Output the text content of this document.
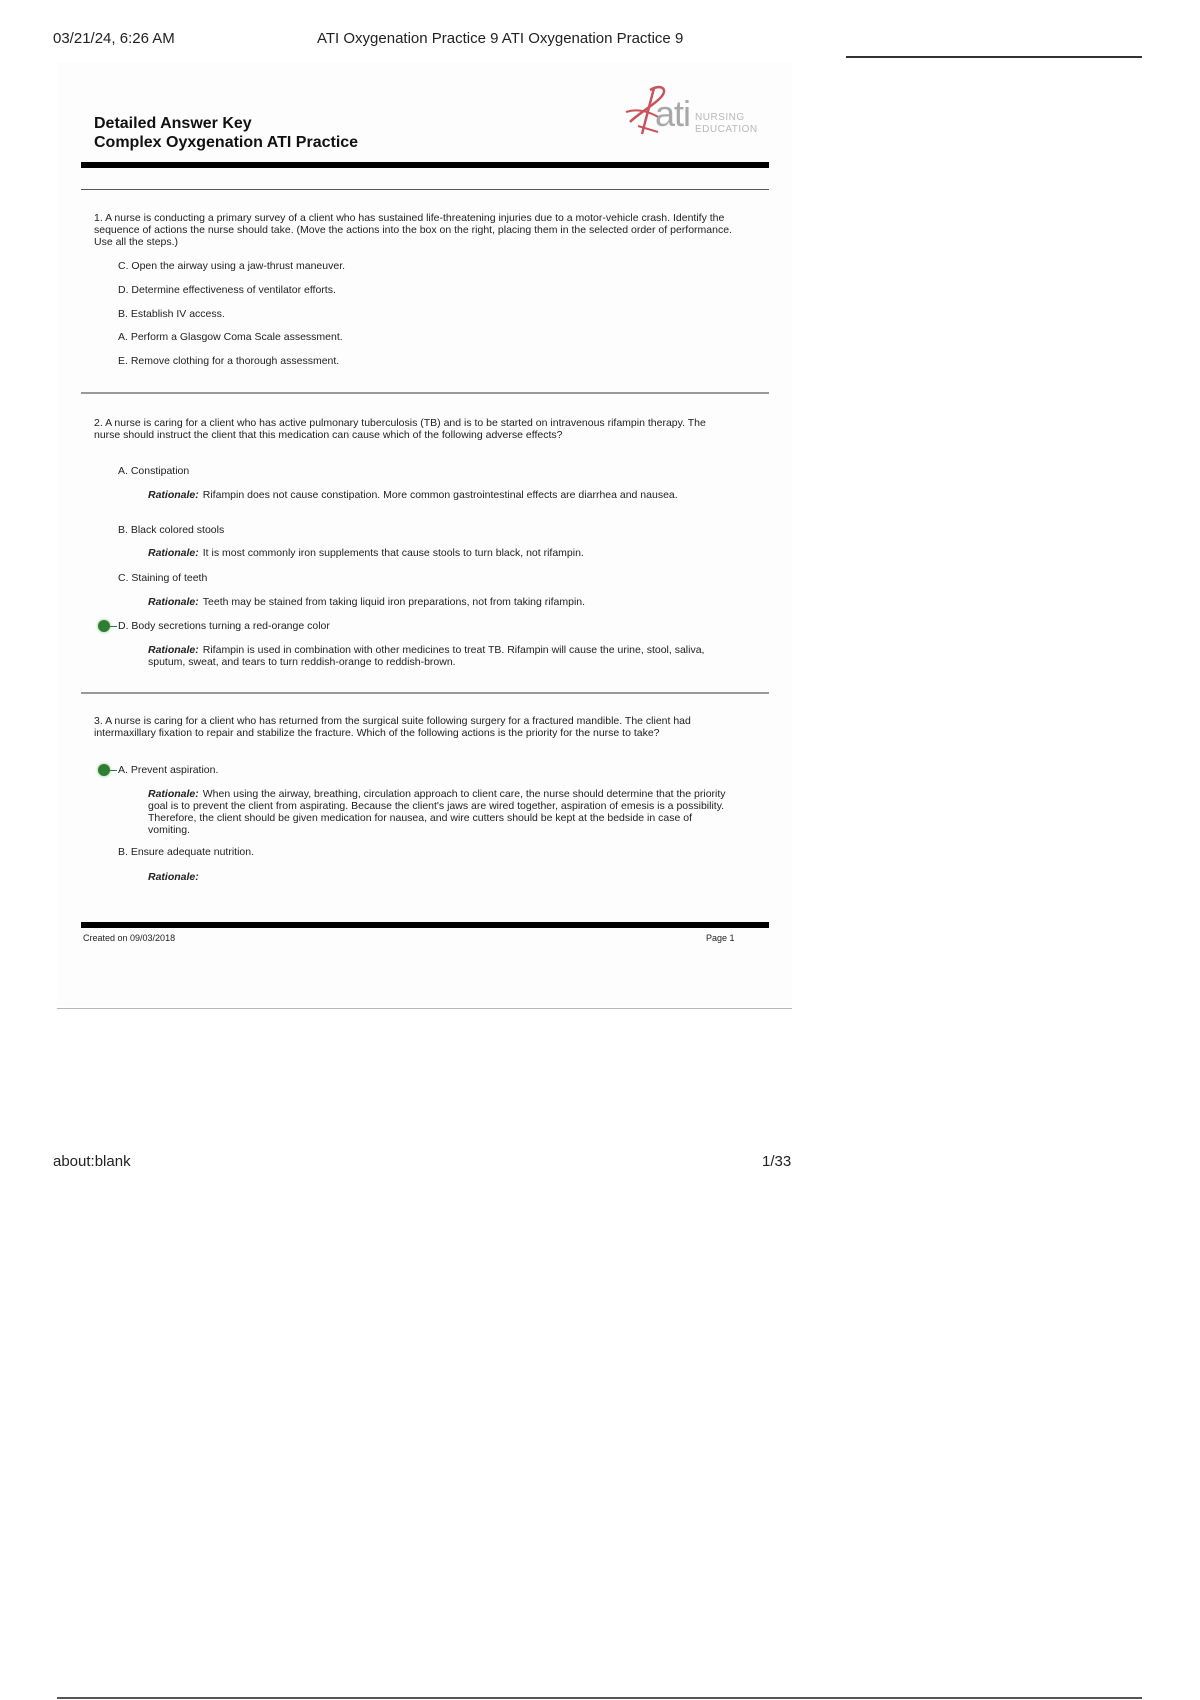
03/21/24, 6:26 AM	ATI Oxygenation Practice 9 ATI Oxygenation Practice 9
Detailed Answer Key
Complex Oyxgenation ATI Practice
ati NURSING
EDUCATION
1. A nurse is conducting a primary survey of a client who has sustained life-threatening injuries due to a motor-vehicle crash. Identify the sequence of actions the nurse should take. (Move the actions into the box on the right, placing them in the selected order of performance. Use all the steps.)
C. Open the airway using a jaw-thrust maneuver.
D. Determine effectiveness of ventilator efforts.
B. Establish IV access.
A. Perform a Glasgow Coma Scale assessment.
E. Remove clothing for a thorough assessment.
2. A nurse is caring for a client who has active pulmonary tuberculosis (TB) and is to be started on intravenous rifampin therapy. The nurse should instruct the client that this medication can cause which of the following adverse effects?
A. Constipation
Rationale: Rifampin does not cause constipation. More common gastrointestinal effects are diarrhea and nausea.
B. Black colored stools
Rationale: It is most commonly iron supplements that cause stools to turn black, not rifampin.
C. Staining of teeth
Rationale: Teeth may be stained from taking liquid iron preparations, not from taking rifampin.
D. Body secretions turning a red-orange color
Rationale: Rifampin is used in combination with other medicines to treat TB. Rifampin will cause the urine, stool, saliva, sputum, sweat, and tears to turn reddish-orange to reddish-brown.
3. A nurse is caring for a client who has returned from the surgical suite following surgery for a fractured mandible. The client had intermaxillary fixation to repair and stabilize the fracture. Which of the following actions is the priority for the nurse to take?
A. Prevent aspiration.
Rationale: When using the airway, breathing, circulation approach to client care, the nurse should determine that the priority goal is to prevent the client from aspirating. Because the client's jaws are wired together, aspiration of emesis is a possibility. Therefore, the client should be given medication for nausea, and wire cutters should be kept at the bedside in case of vomiting.
B. Ensure adequate nutrition.
Rationale:
Created on 09/03/2018	Page 1
about:blank	1/33
